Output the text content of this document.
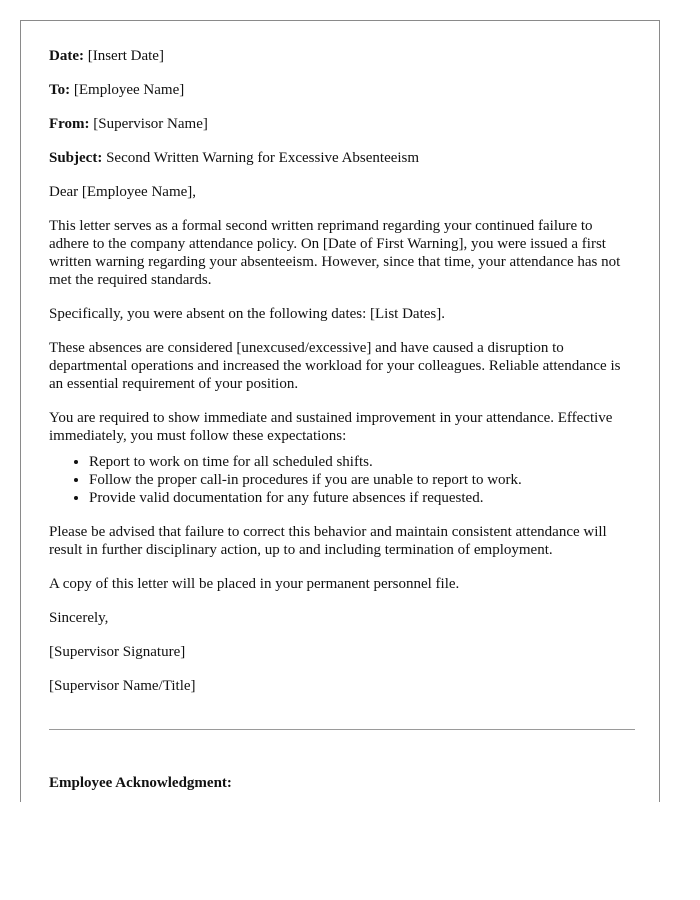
Date: [Insert Date]

To: [Employee Name]

From: [Supervisor Name]

Subject: Second Written Warning for Excessive Absenteeism

Dear [Employee Name],

This letter serves as a formal second written reprimand regarding your continued failure to adhere to the company attendance policy. On [Date of First Warning], you were issued a first written warning regarding your absenteeism. However, since that time, your attendance has not met the required standards.

Specifically, you were absent on the following dates: [List Dates].

These absences are considered [unexcused/excessive] and have caused a disruption to departmental operations and increased the workload for your colleagues. Reliable attendance is an essential requirement of your position.

You are required to show immediate and sustained improvement in your attendance. Effective immediately, you must follow these expectations:

• Report to work on time for all scheduled shifts.
• Follow the proper call-in procedures if you are unable to report to work.
• Provide valid documentation for any future absences if requested.

Please be advised that failure to correct this behavior and maintain consistent attendance will result in further disciplinary action, up to and including termination of employment.

A copy of this letter will be placed in your permanent personnel file.

Sincerely,

[Supervisor Signature]

[Supervisor Name/Title]

Employee Acknowledgment:
